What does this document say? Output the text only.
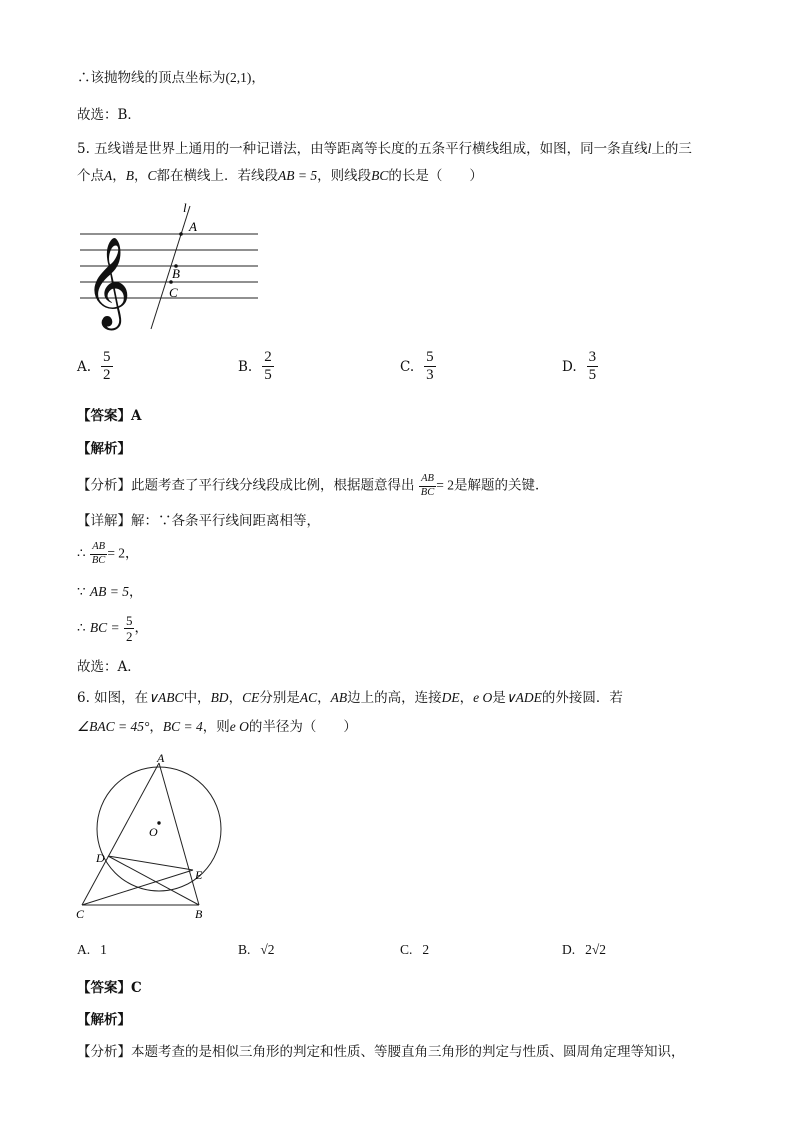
∴该抛物线的顶点坐标为(2,1)，
故选：B．
5. 五线谱是世界上通用的一种记谱法，由等距离等长度的五条平行横线组成，如图，同一条直线l上的三
个点A，B，C都在横线上．若线段AB = 5，则线段BC的长是（　　）
𝄞
l
A
B
C
A. $\frac{5}{2}$	B. $\frac{2}{5}$	C. $\frac{5}{3}$	D. $\frac{3}{5}$
【答案】A
【解析】
【分析】此题考查了平行线分线段成比例，根据题意得出 $\frac{AB}{BC} = 2$是解题的关键．
【详解】解：∵各条平行线间距离相等，
∴ $\frac{AB}{BC} = 2$，
∵ AB = 5，
∴ BC = $\frac{5}{2}$ ，
故选：A．
6. 如图，在∨ABC中，BD，CE分别是AC，AB边上的高，连接DE，e O是∨ADE的外接圆．若
∠BAC = 45°，BC = 4，则e O的半径为（　　）
A
O
D
E
C	B
A. 1	B. √2	C. 2	D. 2√2
【答案】C
【解析】
【分析】本题考查的是相似三角形的判定和性质、等腰直角三角形的判定与性质、圆周角定理等知识，
